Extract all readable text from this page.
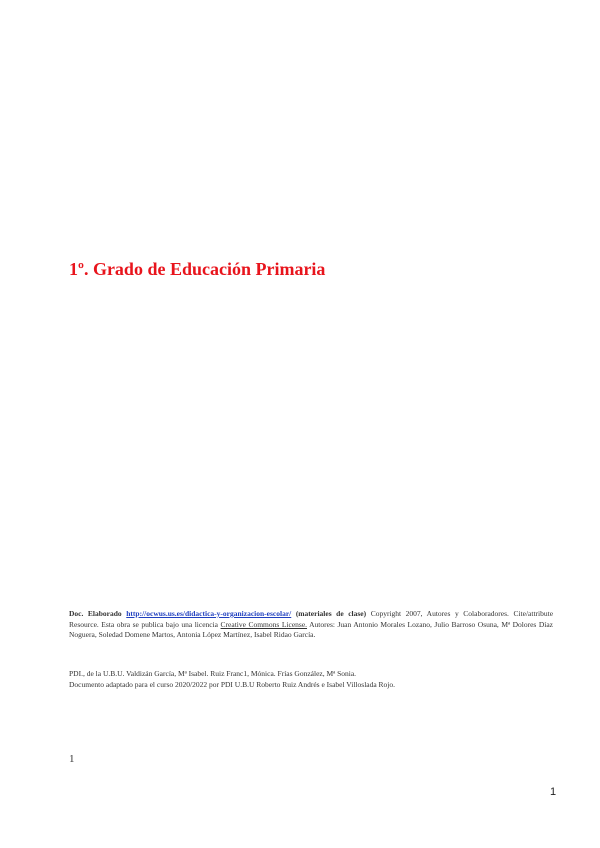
1º. Grado de Educación Primaria
Doc. Elaborado http://ocwus.us.es/didactica-y-organizacion-escolar/ (materiales de clase) Copyright 2007, Autores y Colaboradores. Cite/attribute Resource. Esta obra se publica bajo una licencia Creative Commons License. Autores: Juan Antonio Morales Lozano, Julio Barroso Osuna, Mª Dolores Díaz Noguera, Soledad Domene Martos, Antonia López Martínez, Isabel Ridao García.
PDI., de la U.B.U. Valdizán García, Mª Isabel. Ruiz Franc1, Mónica. Frías González, Mª Sonia.
Documento adaptado para el curso 2020/2022 por PDI U.B.U Roberto Ruiz Andrés e Isabel Villoslada Rojo.
1
1
